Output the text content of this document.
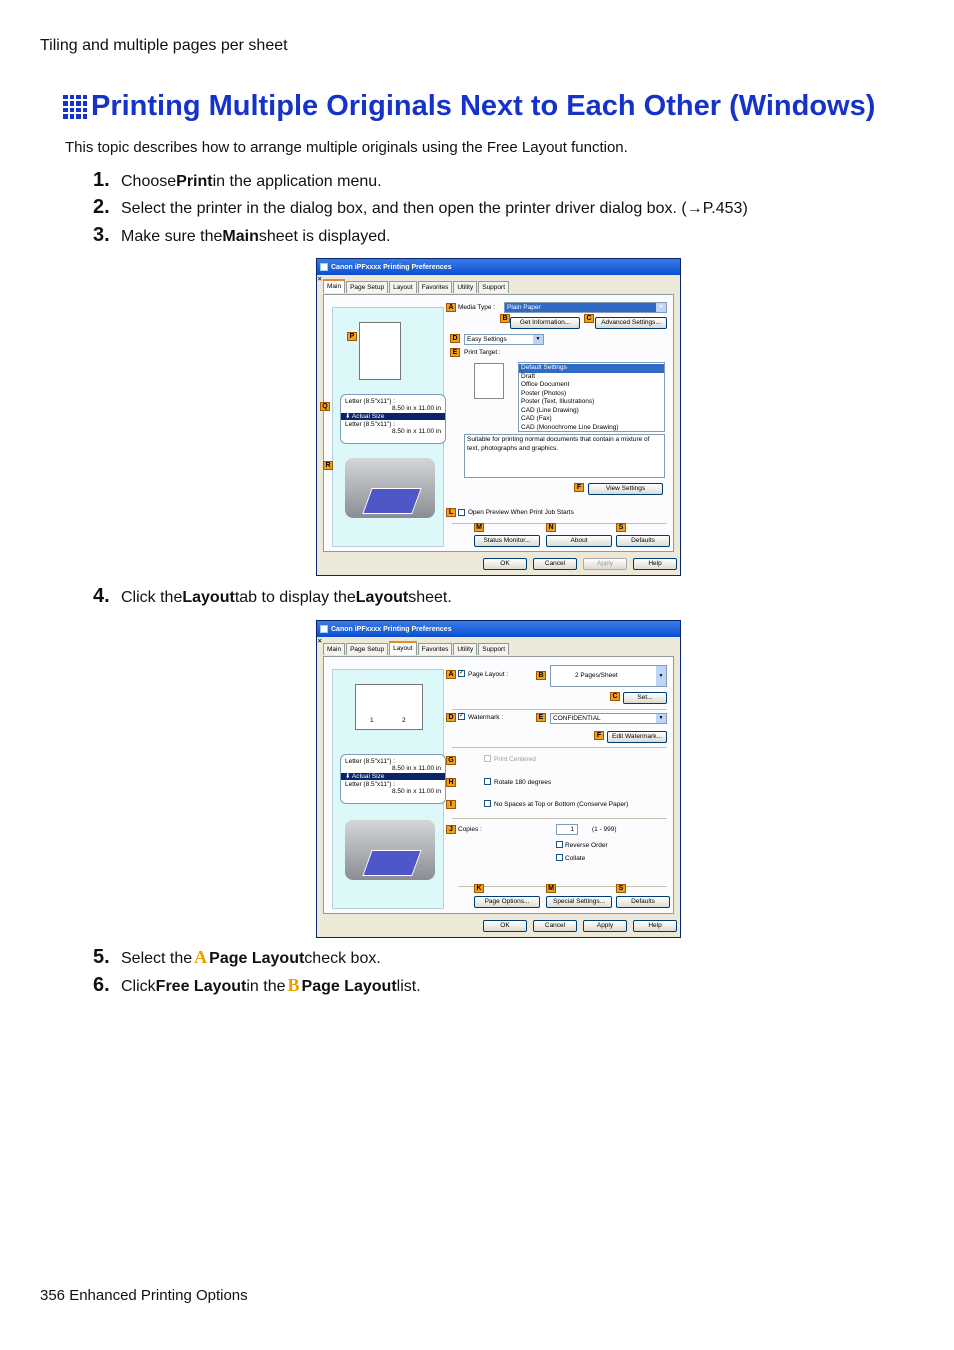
Tiling and multiple pages per sheet
Printing Multiple Originals Next to Each Other (Windows)
This topic describes how to arrange multiple originals using the Free Layout function.
1. Choose Print in the application menu.
2. Select the printer in the dialog box, and then open the printer driver dialog box. (→P.453)
3. Make sure the Main sheet is displayed.
Canon iPFxxxx Printing Preferences
✕
Main	Page Setup	Layout	Favorites	Utility	Support
Letter (8.5"x11") :
8.50 in x 11.00 in
⬇ Actual Size
Letter (8.5"x11") :
8.50 in x 11.00 in
A Media Type :	Plain Paper	▼
B
Get Information...
C
Advanced Settings...
D	Easy Settings	▼
E	Print Target :
Default Settings
Draft
Office Document
Poster (Photos)
Poster (Text, Illustrations)
CAD (Line Drawing)
CAD (Fax)
CAD (Monochrome Line Drawing)
Suitable for printing normal documents that contain a mixture of text, photographs and graphics.
F	View Settings
L	Open Preview When Print Job Starts
M	N	S
Status Monitor...	About	Defaults
P
Q
R
OK	Cancel	Apply	Help
4. Click the Layout tab to display the Layout sheet.
Canon iPFxxxx Printing Preferences
✕
Main	Page Setup	Layout	Favorites	Utility	Support
1	2
Letter (8.5"x11") :
8.50 in x 11.00 in
⬇ Actual Size
Letter (8.5"x11") :
8.50 in x 11.00 in
A ✓ Page Layout :	B	2 Pages/Sheet	▼
C	Set...
D ✓ Watermark :	E	CONFIDENTIAL	▼
F	Edit Watermark...
G	Print Centered
H	Rotate 180 degrees
I	No Spaces at Top or Bottom (Conserve Paper)
J Copies :	1	(1 - 999)
Reverse Order
Collate
K	M	S
Page Options...	Special Settings...	Defaults
OK	Cancel	Apply	Help
5. Select the A Page Layout check box.
6. Click Free Layout in the B Page Layout list.
356 Enhanced Printing Options
